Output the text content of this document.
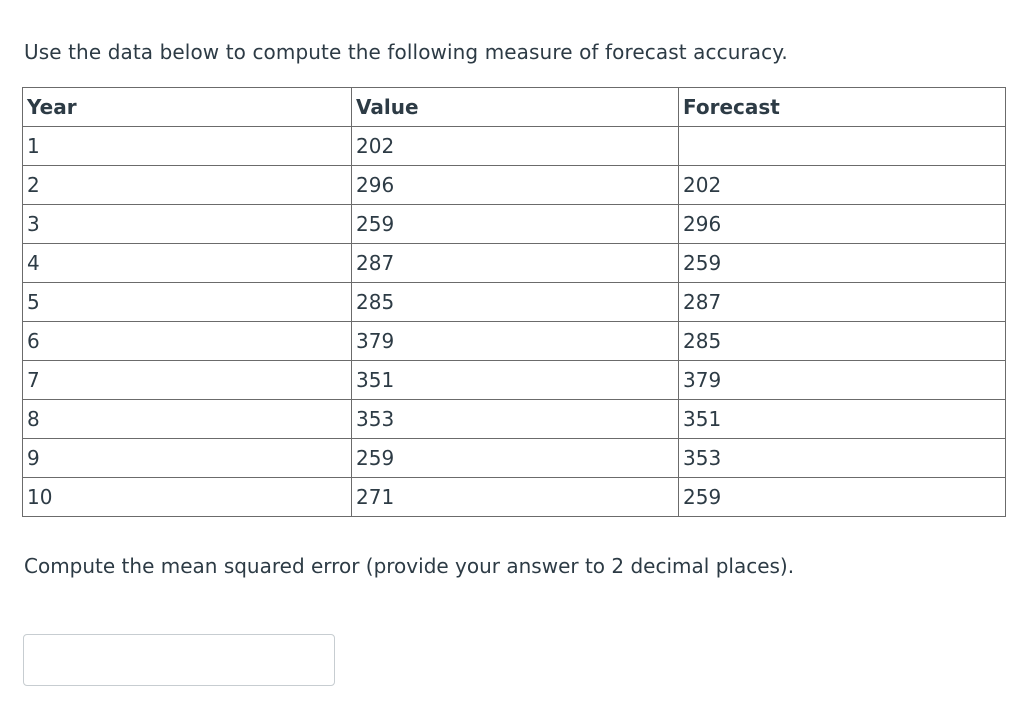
Use the data below to compute the following measure of forecast accuracy.

Year	Value	Forecast
1	202	
2	296	202
3	259	296
4	287	259
5	285	287
6	379	285
7	351	379
8	353	351
9	259	353
10	271	259

Compute the mean squared error (provide your answer to 2 decimal places).
